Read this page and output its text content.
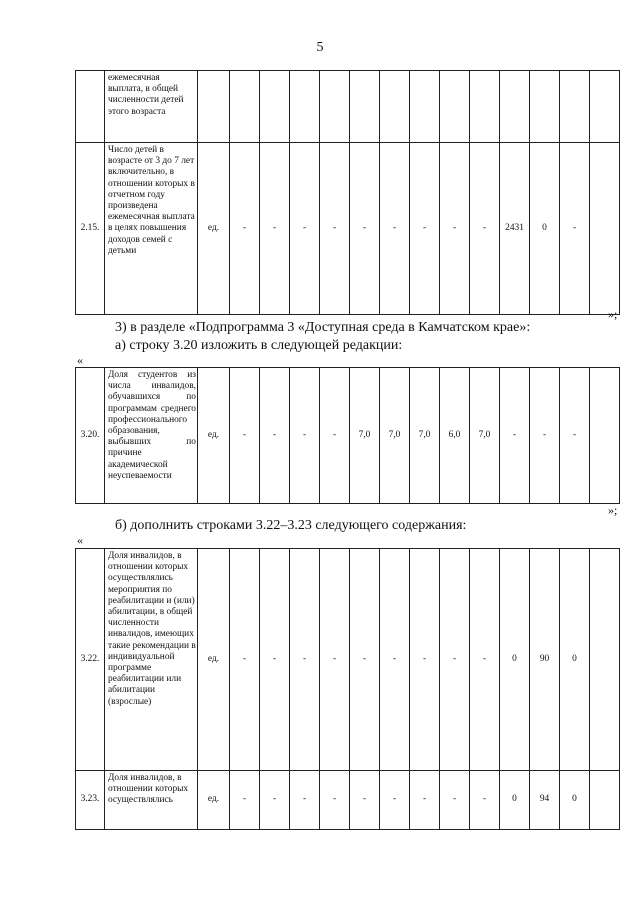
5
	ежемесячная выплата, в общей численности детей этого возраста														
2.15.	Число детей в возрасте от 3 до 7 лет включительно, в отношении которых в отчетном году произведена ежемесячная выплата в целях повышения доходов семей с детьми	ед.	-	-	-	-	-	-	-	-	-	2431	0	-	
»;
3) в разделе «Подпрограмма 3 «Доступная среда в Камчатском крае»:
а) строку 3.20 изложить в следующей редакции:
«
3.20.	Доля студентов из числа инвалидов, обучавшихся по программам среднего профессионального образования, выбывших по причине академической неуспеваемости	ед.	-	-	-	-	7,0	7,0	7,0	6,0	7,0	-	-	-	
»;
б) дополнить строками 3.22–3.23 следующего содержания:
«
3.22.	Доля инвалидов, в отношении которых осуществлялись мероприятия по реабилитации и (или) абилитации, в общей численности инвалидов, имеющих такие рекомендации в индивидуальной программе реабилитации или абилитации (взрослые)	ед.	-	-	-	-	-	-	-	-	-	0	90	0	
3.23.	Доля инвалидов, в отношении которых осуществлялись	ед.	-	-	-	-	-	-	-	-	-	0	94	0	
